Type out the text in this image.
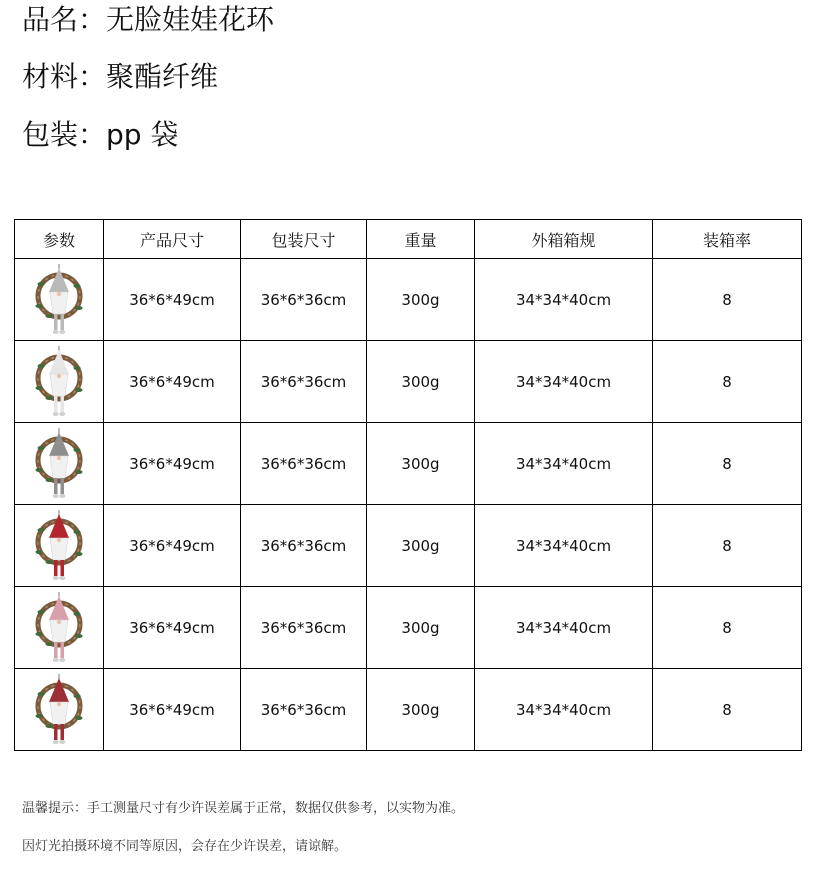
品名：无脸娃娃花环
材料：聚酯纤维
包装：pp 袋
参数	产品尺寸	包装尺寸	重量	外箱箱规	装箱率

	36*6*49cm	36*6*36cm	300g	34*34*40cm	8

	36*6*49cm	36*6*36cm	300g	34*34*40cm	8

	36*6*49cm	36*6*36cm	300g	34*34*40cm	8

	36*6*49cm	36*6*36cm	300g	34*34*40cm	8

	36*6*49cm	36*6*36cm	300g	34*34*40cm	8

	36*6*49cm	36*6*36cm	300g	34*34*40cm	8
温馨提示：手工测量尺寸有少许误差属于正常，数据仅供参考，以实物为准。
因灯光拍摄环境不同等原因，会存在少许误差，请谅解。
